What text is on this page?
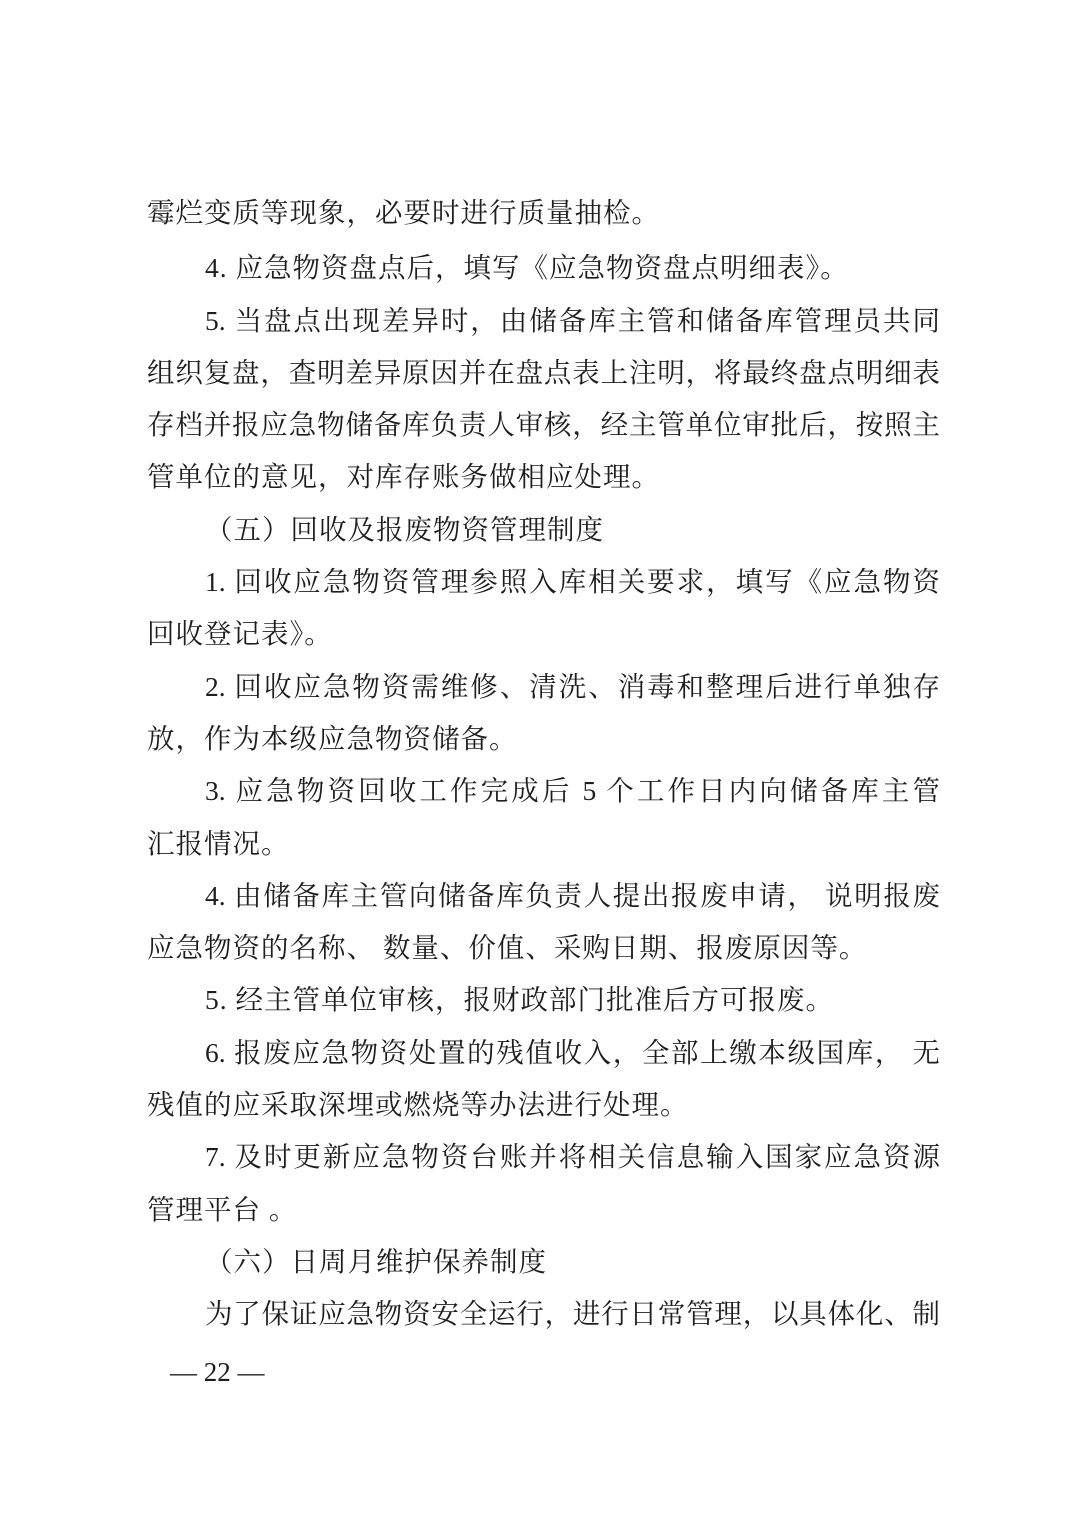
霉烂变质等现象，必要时进行质量抽检。
4. 应急物资盘点后，填写《应急物资盘点明细表》。
5. 当盘点出现差异时，由储备库主管和储备库管理员共同
组织复盘，查明差异原因并在盘点表上注明，将最终盘点明细表
存档并报应急物储备库负责人审核，经主管单位审批后，按照主
管单位的意见，对库存账务做相应处理。
（五）回收及报废物资管理制度
1. 回收应急物资管理参照入库相关要求，填写《应急物资
回收登记表》。
2. 回收应急物资需维修、清洗、消毒和整理后进行单独存
放，作为本级应急物资储备。
3. 应急物资回收工作完成后 5 个工作日内向储备库主管
汇报情况。
4. 由储备库主管向储备库负责人提出报废申请， 说明报废
应急物资的名称、 数量、价值、采购日期、报废原因等。
5. 经主管单位审核，报财政部门批准后方可报废。
6. 报废应急物资处置的残值收入，全部上缴本级国库， 无
残值的应采取深埋或燃烧等办法进行处理。
7. 及时更新应急物资台账并将相关信息输入国家应急资源
管理平台 。
（六）日周月维护保养制度
为了保证应急物资安全运行，进行日常管理，以具体化、制
— 22 —
